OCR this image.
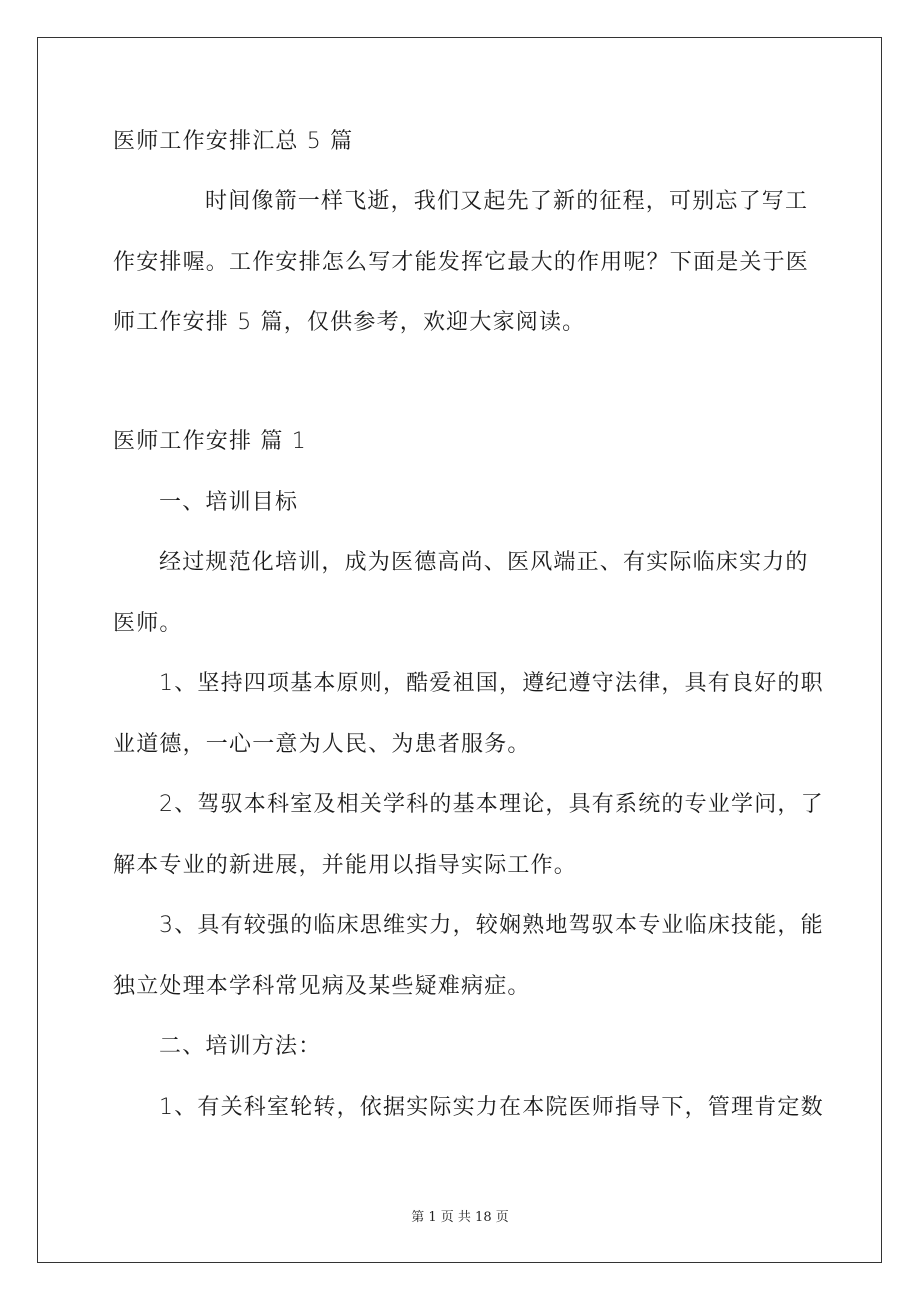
医师工作安排汇总 5 篇
时间像箭一样飞逝，我们又起先了新的征程，可别忘了写工
作安排喔。工作安排怎么写才能发挥它最大的作用呢？下面是关于医
师工作安排 5 篇，仅供参考，欢迎大家阅读。
医师工作安排 篇 1
一、培训目标
经过规范化培训，成为医德高尚、医风端正、有实际临床实力的
医师。
1、坚持四项基本原则，酷爱祖国，遵纪遵守法律，具有良好的职
业道德，一心一意为人民、为患者服务。
2、驾驭本科室及相关学科的基本理论，具有系统的专业学问，了
解本专业的新进展，并能用以指导实际工作。
3、具有较强的临床思维实力，较娴熟地驾驭本专业临床技能，能
独立处理本学科常见病及某些疑难病症。
二、培训方法：
1、有关科室轮转，依据实际实力在本院医师指导下，管理肯定数
第 1 页 共 18 页
